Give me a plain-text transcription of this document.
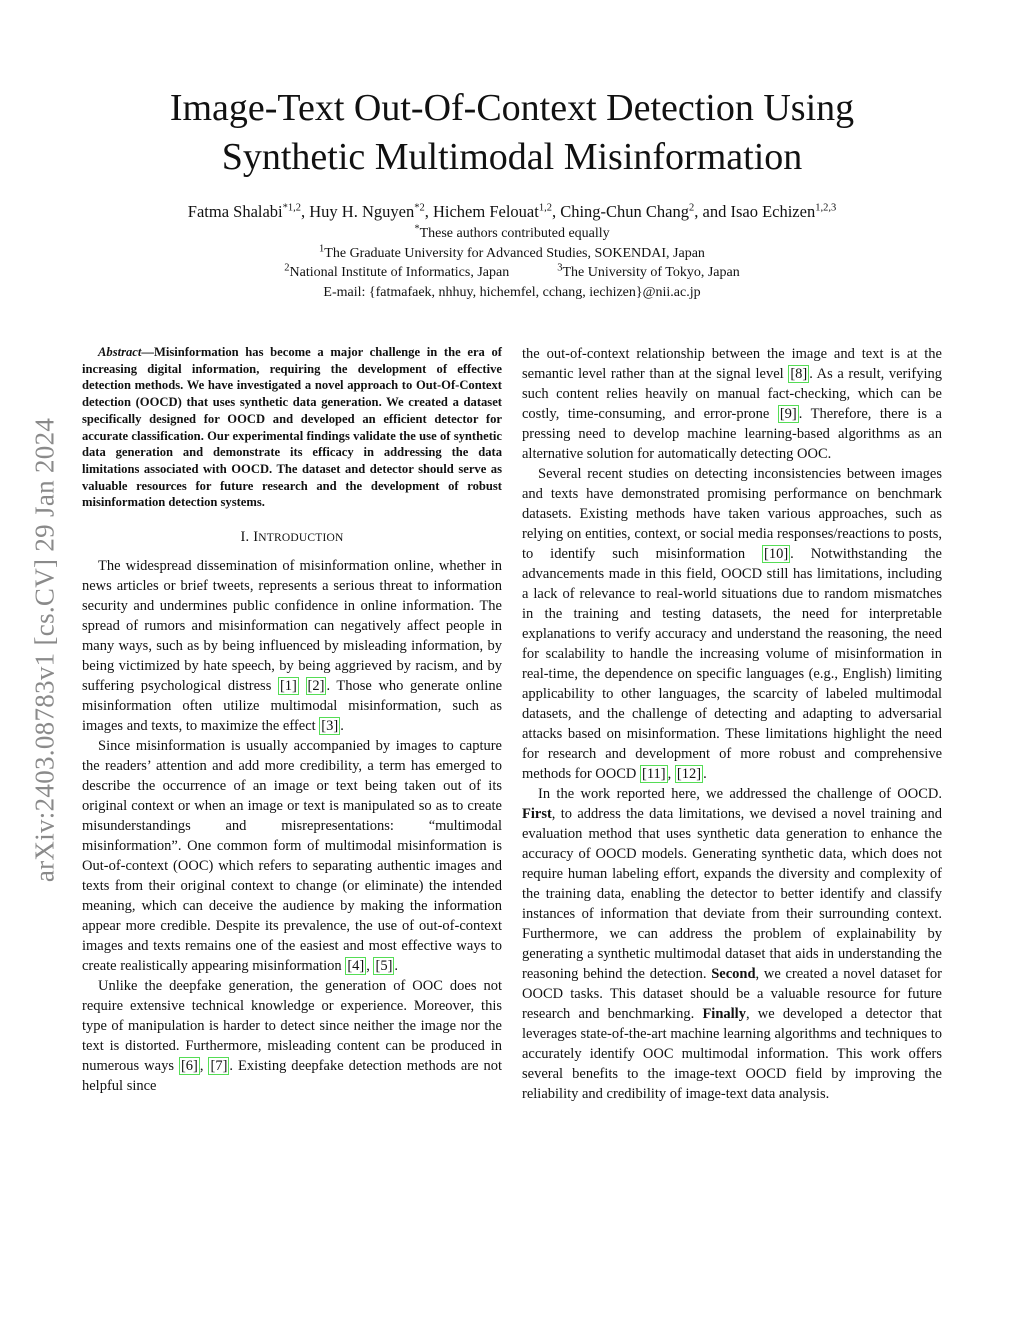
arXiv:2403.08783v1 [cs.CV] 29 Jan 2024
Image-Text Out-Of-Context Detection Using
Synthetic Multimodal Misinformation
Fatma Shalabi$^{*1,2}$, Huy H. Nguyen$^{*2}$, Hichem Felouat$^{1,2}$, Ching-Chun Chang$^2$, and Isao Echizen$^{1,2,3}$
*These authors contributed equally
$^1$The Graduate University for Advanced Studies, SOKENDAI, Japan
$^2$National Institute of Informatics, Japan	$^3$The University of Tokyo, Japan
E-mail: {fatmafaek, nhhuy, hichemfel, cchang, iechizen}@nii.ac.jp

Abstract—Misinformation has become a major challenge in the era of increasing digital information, requiring the development of effective detection methods. We have investigated a novel approach to Out-Of-Context detection (OOCD) that uses synthetic data generation. We created a dataset specifically designed for OOCD and developed an efficient detector for accurate classification. Our experimental findings validate the use of synthetic data generation and demonstrate its efficacy in addressing the data limitations associated with OOCD. The dataset and detector should serve as valuable resources for future research and the development of robust misinformation detection systems.

I. INTRODUCTION

The widespread dissemination of misinformation online, whether in news articles or brief tweets, represents a serious threat to information security and undermines public confidence in online information. The spread of rumors and misinformation can negatively affect people in many ways, such as by being influenced by misleading information, by being victimized by hate speech, by being aggrieved by racism, and by suffering psychological distress [1] [2] . Those who generate online misinformation often utilize multimodal misinformation, such as images and texts, to maximize the effect [3] .

Since misinformation is usually accompanied by images to capture the readers’ attention and add more credibility, a term has emerged to describe the occurrence of an image or text being taken out of its original context or when an image or text is manipulated so as to create misunderstandings and misrepresentations: “multimodal misinformation”. One common form of multimodal misinformation is Out-of-context (OOC) which refers to separating authentic images and texts from their original context to change (or eliminate) the intended meaning, which can deceive the audience by making the information appear more credible. Despite its prevalence, the use of out-of-context images and texts remains one of the easiest and most effective ways to create realistically appearing misinformation [4] , [5] .

Unlike the deepfake generation, the generation of OOC does not require extensive technical knowledge or experience. Moreover, this type of manipulation is harder to detect since neither the image nor the text is distorted. Furthermore, misleading content can be produced in numerous ways [6] , [7] . Existing deepfake detection methods are not helpful since

the out-of-context relationship between the image and text is at the semantic level rather than at the signal level [8] . As a result, verifying such content relies heavily on manual fact-checking, which can be costly, time-consuming, and error-prone [9] . Therefore, there is a pressing need to develop machine learning-based algorithms as an alternative solution for automatically detecting OOC.

Several recent studies on detecting inconsistencies between images and texts have demonstrated promising performance on benchmark datasets. Existing methods have taken various approaches, such as relying on entities, context, or social media responses/reactions to posts, to identify such misinformation [10] . Notwithstanding the advancements made in this field, OOCD still has limitations, including a lack of relevance to real-world situations due to random mismatches in the training and testing datasets, the need for interpretable explanations to verify accuracy and understand the reasoning, the need for scalability to handle the increasing volume of misinformation in real-time, the dependence on specific languages (e.g., English) limiting applicability to other languages, the scarcity of labeled multimodal datasets, and the challenge of detecting and adapting to adversarial attacks based on misinformation. These limitations highlight the need for research and development of more robust and comprehensive methods for OOCD [11] , [12] .

In the work reported here, we addressed the challenge of OOCD. First, to address the data limitations, we devised a novel training and evaluation method that uses synthetic data generation to enhance the accuracy of OOCD models. Generating synthetic data, which does not require human labeling effort, expands the diversity and complexity of the training data, enabling the detector to better identify and classify instances of information that deviate from their surrounding context. Furthermore, we can address the problem of explainability by generating a synthetic multimodal dataset that aids in understanding the reasoning behind the detection. Second, we created a novel dataset for OOCD tasks. This dataset should be a valuable resource for future research and benchmarking. Finally, we developed a detector that leverages state-of-the-art machine learning algorithms and techniques to accurately identify OOC multimodal information. This work offers several benefits to the image-text OOCD field by improving the reliability and credibility of image-text data analysis.
